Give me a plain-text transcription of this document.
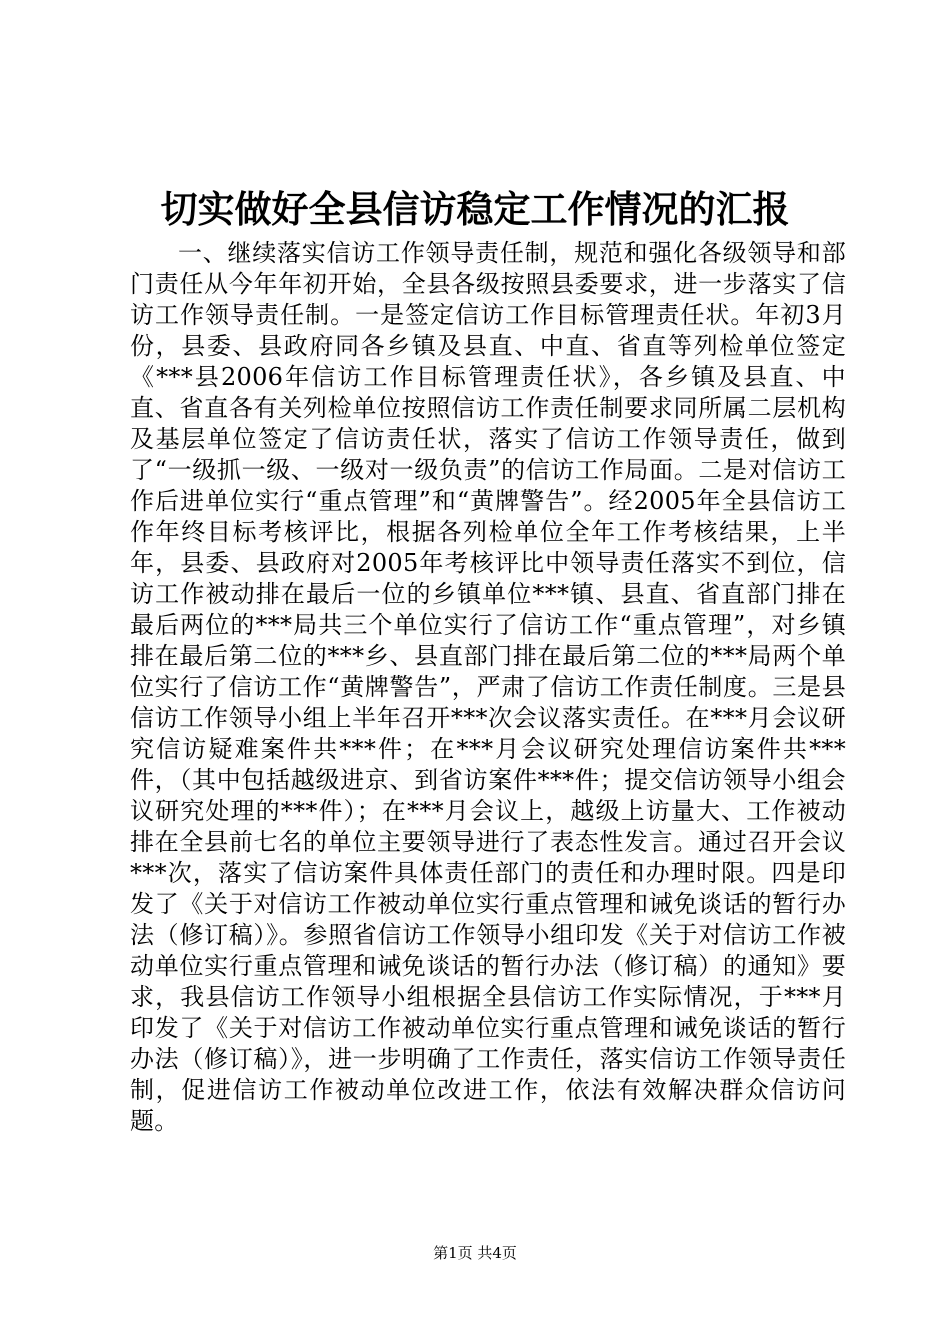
切实做好全县信访稳定工作情况的汇报

一、继续落实信访工作领导责任制，规范和强化各级领导和部门责任从今年年初开始，全县各级按照县委要求，进一步落实了信访工作领导责任制。一是签定信访工作目标管理责任状。年初3月份，县委、县政府同各乡镇及县直、中直、省直等列检单位签定《***县2006年信访工作目标管理责任状》，各乡镇及县直、中直、省直各有关列检单位按照信访工作责任制要求同所属二层机构及基层单位签定了信访责任状，落实了信访工作领导责任，做到了“一级抓一级、一级对一级负责”的信访工作局面。二是对信访工作后进单位实行“重点管理”和“黄牌警告”。经2005年全县信访工作年终目标考核评比，根据各列检单位全年工作考核结果，上半年，县委、县政府对2005年考核评比中领导责任落实不到位，信访工作被动排在最后一位的乡镇单位***镇、县直、省直部门排在最后两位的***局共三个单位实行了信访工作“重点管理”，对乡镇排在最后第二位的***乡、县直部门排在最后第二位的***局两个单位实行了信访工作“黄牌警告”，严肃了信访工作责任制度。三是县信访工作领导小组上半年召开***次会议落实责任。在***月会议研究信访疑难案件共***件；在***月会议研究处理信访案件共***件，（其中包括越级进京、到省访案件***件；提交信访领导小组会议研究处理的***件）；在***月会议上，越级上访量大、工作被动排在全县前七名的单位主要领导进行了表态性发言。通过召开会议***次，落实了信访案件具体责任部门的责任和办理时限。四是印发了《关于对信访工作被动单位实行重点管理和诫免谈话的暂行办法（修订稿）》。参照省信访工作领导小组印发《关于对信访工作被动单位实行重点管理和诫免谈话的暂行办法（修订稿）的通知》要求，我县信访工作领导小组根据全县信访工作实际情况，于***月印发了《关于对信访工作被动单位实行重点管理和诫免谈话的暂行办法（修订稿）》，进一步明确了工作责任，落实信访工作领导责任制，促进信访工作被动单位改进工作，依法有效解决群众信访问题。

第1页 共4页
